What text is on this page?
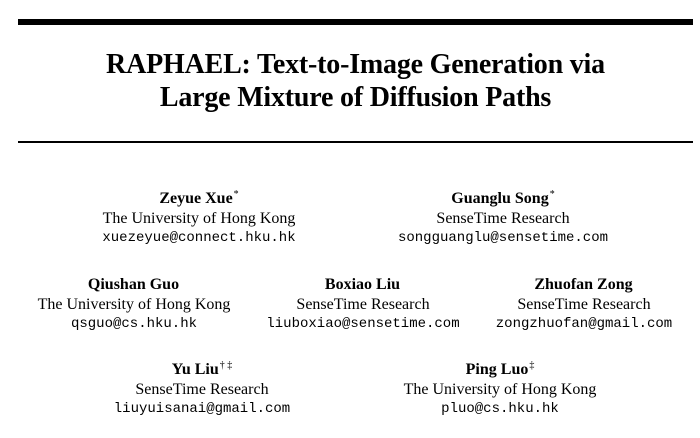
RAPHAEL: Text-to-Image Generation via
Large Mixture of Diffusion Paths
Zeyue Xue*
The University of Hong Kong
xuezeyue@connect.hku.hk
Guanglu Song*
SenseTime Research
songguanglu@sensetime.com
Qiushan Guo
The University of Hong Kong
qsguo@cs.hku.hk
Boxiao Liu
SenseTime Research
liuboxiao@sensetime.com
Zhuofan Zong
SenseTime Research
zongzhuofan@gmail.com
Yu Liu† ‡
SenseTime Research
liuyuisanai@gmail.com
Ping Luo‡
The University of Hong Kong
pluo@cs.hku.hk
